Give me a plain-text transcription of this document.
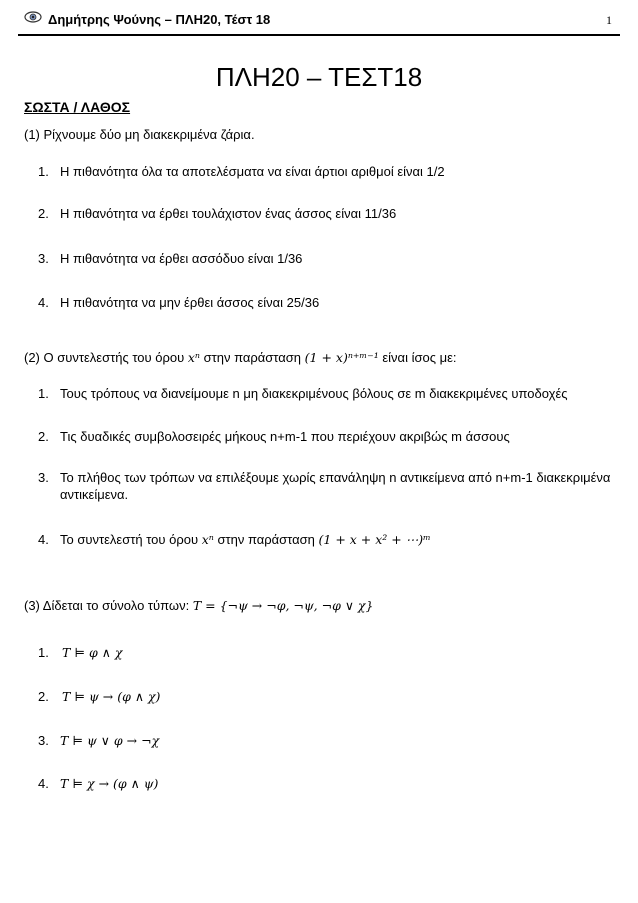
Δημήτρης Ψούνης – ΠΛΗ20, Τέστ 18	1
ΠΛΗ20 – ΤΕΣΤ18
ΣΩΣΤΑ / ΛΑΘΟΣ
(1) Ρίχνουμε δύο μη διακεκριμένα ζάρια.
1. Η πιθανότητα όλα τα αποτελέσματα να είναι άρτιοι αριθμοί είναι 1/2
2. Η πιθανότητα να έρθει τουλάχιστον ένας άσσος είναι 11/36
3. Η πιθανότητα να έρθει ασσόδυο είναι 1/36
4. Η πιθανότητα να μην έρθει άσσος είναι 25/36
(2) Ο συντελεστής του όρου xⁿ στην παράσταση (1 + x)ⁿ⁺ᵐ⁻¹ είναι ίσος με:
1. Τους τρόπους να διανείμουμε n μη διακεκριμένους βόλους σε m διακεκριμένες υποδοχές
2. Τις δυαδικές συμβολοσειρές μήκους n+m-1 που περιέχουν ακριβώς m άσσους
3. Το πλήθος των τρόπων να επιλέξουμε χωρίς επανάληψη n αντικείμενα από n+m-1 διακεκριμένα αντικείμενα.
4. Το συντελεστή του όρου xⁿ στην παράσταση (1 + x + x² + ⋯)ᵐ
(3) Δίδεται το σύνολο τύπων: T = {¬ψ → ¬φ, ¬ψ, ¬φ ∨ χ}
1.	T ⊨ φ ∧ χ
2.	T ⊨ ψ → (φ ∧ χ)
3. T ⊨ ψ ∨ φ → ¬χ
4. T ⊨ χ → (φ ∧ ψ)
